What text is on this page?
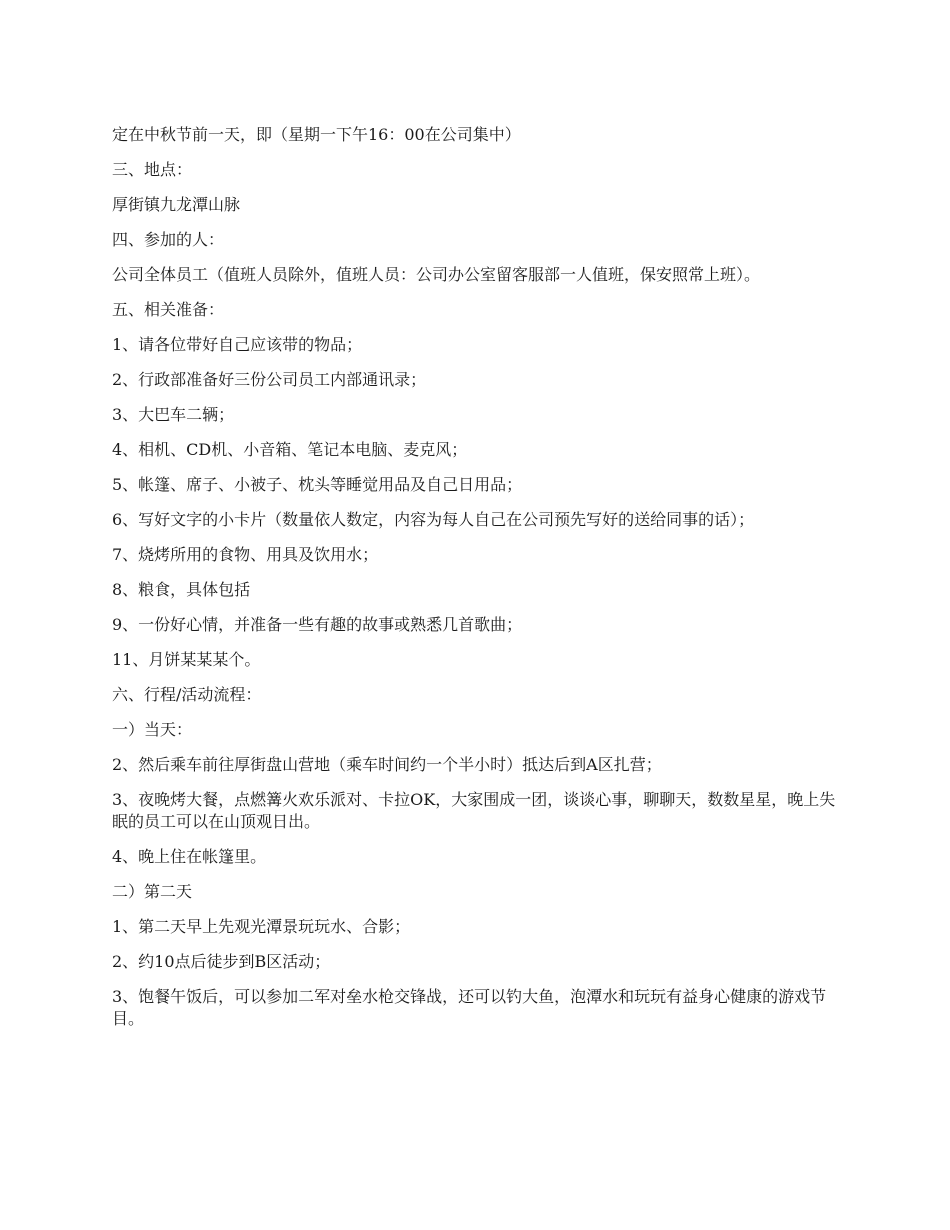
定在中秋节前一天，即（星期一下午16：00在公司集中）

三、地点：

厚街镇九龙潭山脉

四、参加的人：

公司全体员工（值班人员除外，值班人员：公司办公室留客服部一人值班，保安照常上班）。

五、相关准备：

1、请各位带好自己应该带的物品；

2、行政部准备好三份公司员工内部通讯录；

3、大巴车二辆；

4、相机、CD机、小音箱、笔记本电脑、麦克风；

5、帐篷、席子、小被子、枕头等睡觉用品及自己日用品；

6、写好文字的小卡片（数量依人数定，内容为每人自己在公司预先写好的送给同事的话）；

7、烧烤所用的食物、用具及饮用水；

8、粮食，具体包括

9、一份好心情，并准备一些有趣的故事或熟悉几首歌曲；

11、月饼某某某个。

六、行程/活动流程：

一）当天：

2、然后乘车前往厚街盘山营地（乘车时间约一个半小时）抵达后到A区扎营；

3、夜晚烤大餐，点燃篝火欢乐派对、卡拉OK，大家围成一团，谈谈心事，聊聊天，数数星星，晚上失眠的员工可以在山顶观日出。

4、晚上住在帐篷里。

二）第二天

1、第二天早上先观光潭景玩玩水、合影；

2、约10点后徒步到B区活动；

3、饱餐午饭后，可以参加二军对垒水枪交锋战，还可以钓大鱼，泡潭水和玩玩有益身心健康的游戏节目。
